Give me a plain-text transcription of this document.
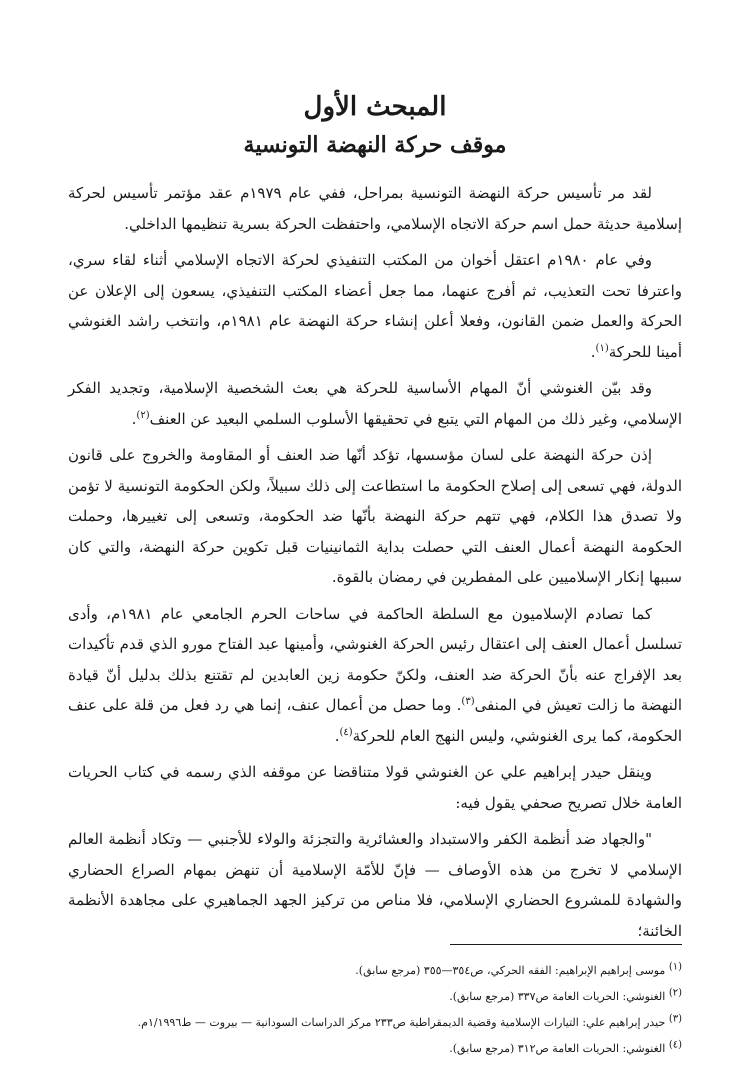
المبحث الأول
موقف حركة النهضة التونسية

لقد مر تأسيس حركة النهضة التونسية بمراحل، ففي عام ١٩٧٩م عقد مؤتمر تأسيس لحركة إسلامية حديثة حمل اسم حركة الاتجاه الإسلامي، واحتفظت الحركة بسرية تنظيمها الداخلي.

وفي عام ١٩٨٠م اعتقل أخوان من المكتب التنفيذي لحركة الاتجاه الإسلامي أثناء لقاء سري، واعترفا تحت التعذيب، ثم أفرج عنهما، مما جعل أعضاء المكتب التنفيذي، يسعون إلى الإعلان عن الحركة والعمل ضمن القانون، وفعلا أعلن إنشاء حركة النهضة عام ١٩٨١م، وانتخب راشد الغنوشي أمينا للحركة$^{(١)}$.

وقد بيّن الغنوشي أنّ المهام الأساسية للحركة هي بعث الشخصية الإسلامية، وتجديد الفكر الإسلامي، وغير ذلك من المهام التي يتبع في تحقيقها الأسلوب السلمي البعيد عن العنف$^{(٢)}$.

إذن حركة النهضة على لسان مؤسسها، تؤكد أنّها ضد العنف أو المقاومة والخروج على قانون الدولة، فهي تسعى إلى إصلاح الحكومة ما استطاعت إلى ذلك سبيلاً، ولكن الحكومة التونسية لا تؤمن ولا تصدق هذا الكلام، فهي تتهم حركة النهضة بأنّها ضد الحكومة، وتسعى إلى تغييرها، وحملت الحكومة النهضة أعمال العنف التي حصلت بداية الثمانينيات قبل تكوين حركة النهضة، والتي كان سببها إنكار الإسلاميين على المفطرين في رمضان بالقوة.

كما تصادم الإسلاميون مع السلطة الحاكمة في ساحات الحرم الجامعي عام ١٩٨١م، وأدى تسلسل أعمال العنف إلى اعتقال رئيس الحركة الغنوشي، وأمينها عبد الفتاح مورو الذي قدم تأكيدات بعد الإفراج عنه بأنّ الحركة ضد العنف، ولكنّ حكومة زين العابدين لم تقتنع بذلك بدليل أنّ قيادة النهضة ما زالت تعيش في المنفى$^{(٣)}$. وما حصل من أعمال عنف، إنما هي رد فعل من قلة على عنف الحكومة، كما يرى الغنوشي، وليس النهج العام للحركة$^{(٤)}$.

وينقل حيدر إبراهيم علي عن الغنوشي قولا متناقضا عن موقفه الذي رسمه في كتاب الحريات العامة خلال تصريح صحفي يقول فيه:

"والجهاد ضد أنظمة الكفر والاستبداد والعشائرية والتجزئة والولاء للأجنبي — وتكاد أنظمة العالم الإسلامي لا تخرج من هذه الأوصاف — فإنّ للأمّة الإسلامية أن تنهض بمهام الصراع الحضاري والشهادة للمشروع الحضاري الإسلامي، فلا مناص من تركيز الجهد الجماهيري على مجاهدة الأنظمة الخائنة؛

$^{(١)}$ موسى إبراهيم الإبراهيم: الفقه الحركي، ص٣٥٤—٣٥٥ (مرجع سابق).
$^{(٢)}$ الغنوشي: الحريات العامة ص٣٣٧ (مرجع سابق).
$^{(٣)}$ حيدر إبراهيم علي: التيارات الإسلامية وقضية الديمقراطية ص٢٣٣ مركز الدراسات السودانية — بيروت — ط١/١٩٩٦م.
$^{(٤)}$ الغنوشي: الحريات العامة ص٣١٢ (مرجع سابق).
